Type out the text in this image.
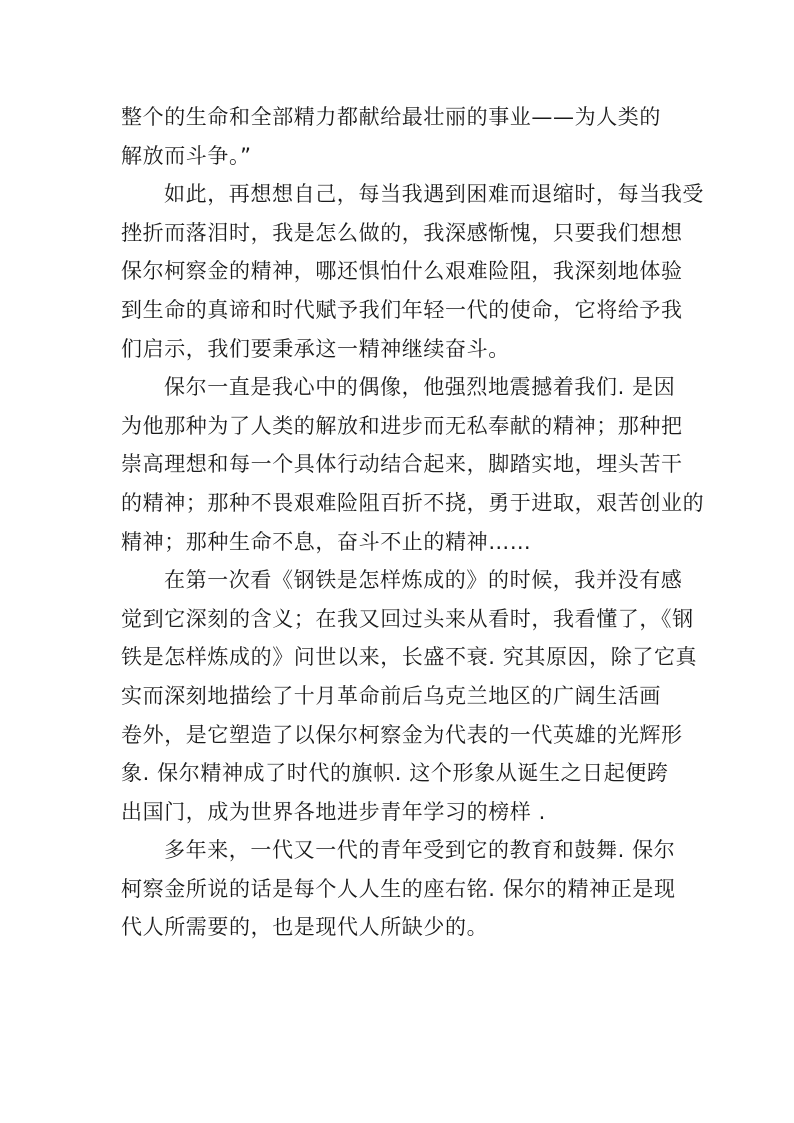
整个的生命和全部精力都献给最壮丽的事业——为人类的
解放而斗争。”
如此，再想想自己，每当我遇到困难而退缩时，每当我受
挫折而落泪时，我是怎么做的，我深感惭愧，只要我们想想
保尔柯察金的精神，哪还惧怕什么艰难险阻，我深刻地体验
到生命的真谛和时代赋予我们年轻一代的使命，它将给予我
们启示，我们要秉承这一精神继续奋斗。
保尔一直是我心中的偶像，他强烈地震撼着我们. 是因
为他那种为了人类的解放和进步而无私奉献的精神；那种把
崇高理想和每一个具体行动结合起来，脚踏实地，埋头苦干
的精神；那种不畏艰难险阻百折不挠，勇于进取，艰苦创业的
精神；那种生命不息，奋斗不止的精神……
在第一次看《钢铁是怎样炼成的》的时候，我并没有感
觉到它深刻的含义；在我又回过头来从看时，我看懂了，《钢
铁是怎样炼成的》问世以来，长盛不衰. 究其原因，除了它真
实而深刻地描绘了十月革命前后乌克兰地区的广阔生活画
卷外，是它塑造了以保尔柯察金为代表的一代英雄的光辉形
象. 保尔精神成了时代的旗帜. 这个形象从诞生之日起便跨
出国门，成为世界各地进步青年学习的榜样 .
多年来，一代又一代的青年受到它的教育和鼓舞. 保尔
柯察金所说的话是每个人人生的座右铭. 保尔的精神正是现
代人所需要的，也是现代人所缺少的。
